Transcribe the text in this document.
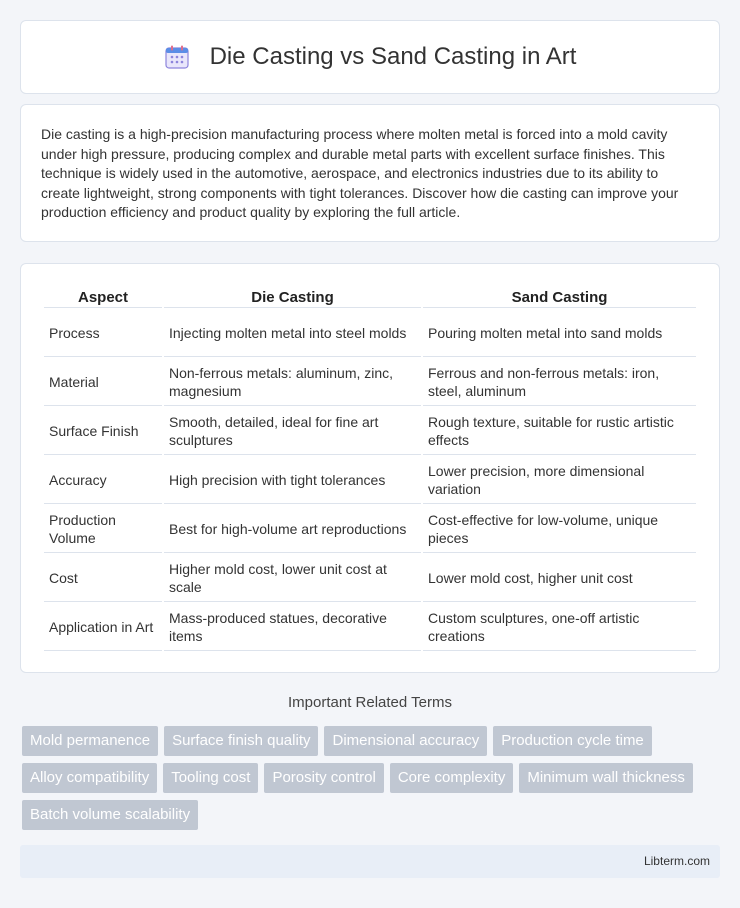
Die Casting vs Sand Casting in Art

Die casting is a high-precision manufacturing process where molten metal is forced into a mold cavity under high pressure, producing complex and durable metal parts with excellent surface finishes. This technique is widely used in the automotive, aerospace, and electronics industries due to its ability to create lightweight, strong components with tight tolerances. Discover how die casting can improve your production efficiency and product quality by exploring the full article.

Aspect	Die Casting	Sand Casting
Process	Injecting molten metal into steel molds	Pouring molten metal into sand molds
Material	Non-ferrous metals: aluminum, zinc, magnesium	Ferrous and non-ferrous metals: iron, steel, aluminum
Surface Finish	Smooth, detailed, ideal for fine art sculptures	Rough texture, suitable for rustic artistic effects
Accuracy	High precision with tight tolerances	Lower precision, more dimensional variation
Production Volume	Best for high-volume art reproductions	Cost-effective for low-volume, unique pieces
Cost	Higher mold cost, lower unit cost at scale	Lower mold cost, higher unit cost
Application in Art	Mass-produced statues, decorative items	Custom sculptures, one-off artistic creations
Important Related Terms
Mold permanence	Surface finish quality	Dimensional accuracy	Production cycle time
Alloy compatibility	Tooling cost	Porosity control	Core complexity	Minimum wall thickness
Batch volume scalability
Libterm.com
